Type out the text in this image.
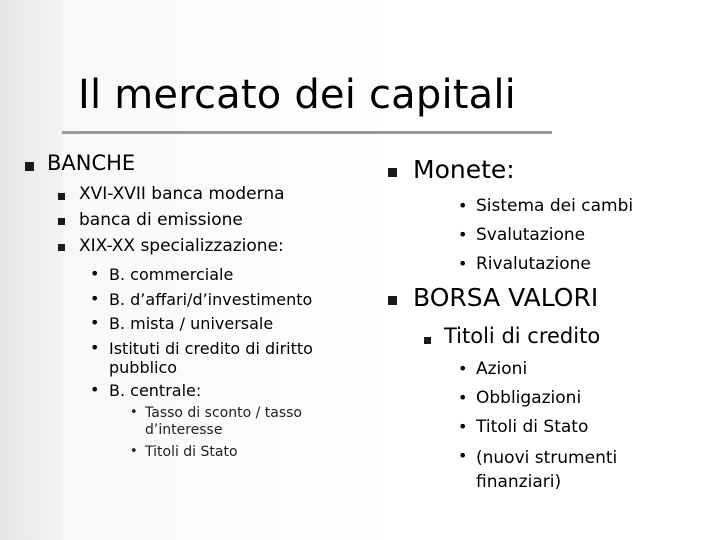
Il mercato dei capitali
BANCHE
XVI-XVII banca moderna
banca di emissione
XIX-XX specializzazione:
• B. commerciale
• B. d’affari/d’investimento
• B. mista / universale
• Istituti di credito di diritto pubblico
• B. centrale:
• Tasso di sconto / tasso d’interesse
• Titoli di Stato
Monete:
• Sistema dei cambi
• Svalutazione
• Rivalutazione
BORSA VALORI
Titoli di credito
• Azioni
• Obbligazioni
• Titoli di Stato
• (nuovi strumenti finanziari)
